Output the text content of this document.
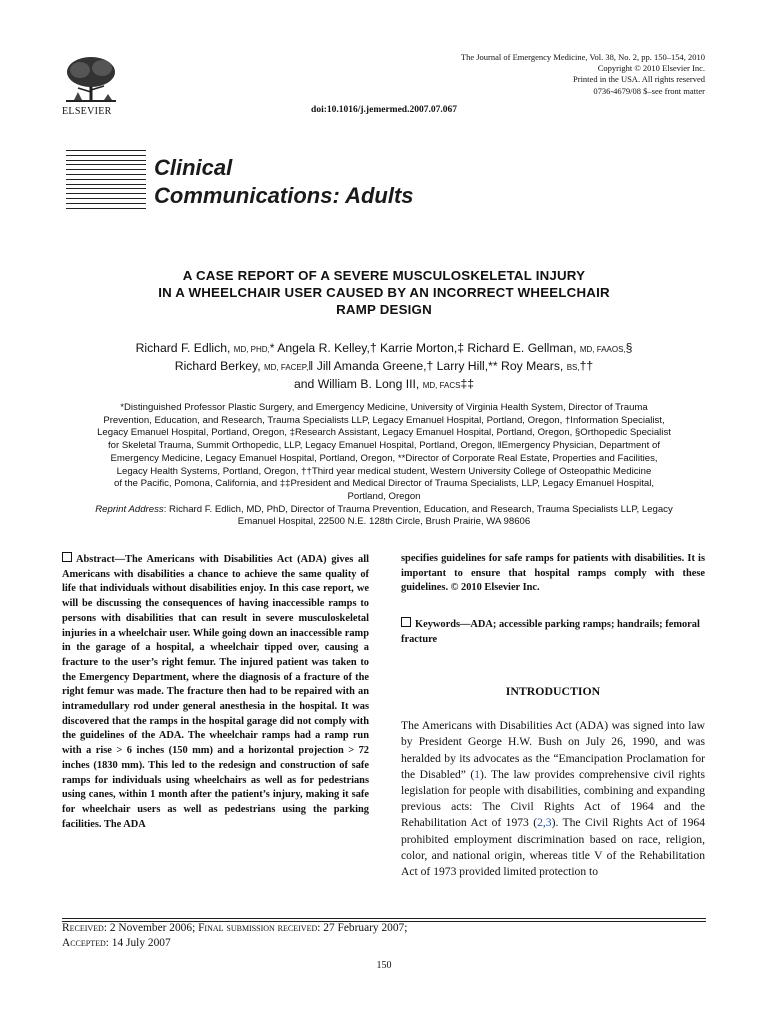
ELSEVIER
The Journal of Emergency Medicine, Vol. 38, No. 2, pp. 150–154, 2010
Copyright © 2010 Elsevier Inc.
Printed in the USA. All rights reserved
0736-4679/08 $–see front matter
doi:10.1016/j.jemermed.2007.07.067
Clinical
Communications: Adults
A CASE REPORT OF A SEVERE MUSCULOSKELETAL INJURY
IN A WHEELCHAIR USER CAUSED BY AN INCORRECT WHEELCHAIR
RAMP DESIGN
Richard F. Edlich, MD, PHD,* Angela R. Kelley,† Karrie Morton,‡ Richard E. Gellman, MD, FAAOS,§
Richard Berkey, MD, FACEP,‖ Jill Amanda Greene,† Larry Hill,** Roy Mears, BS,††
and William B. Long III, MD, FACS‡‡
*Distinguished Professor Plastic Surgery, and Emergency Medicine, University of Virginia Health System, Director of Trauma
Prevention, Education, and Research, Trauma Specialists LLP, Legacy Emanuel Hospital, Portland, Oregon, †Information Specialist,
Legacy Emanuel Hospital, Portland, Oregon, ‡Research Assistant, Legacy Emanuel Hospital, Portland, Oregon, §Orthopedic Specialist
for Skeletal Trauma, Summit Orthopedic, LLP, Legacy Emanuel Hospital, Portland, Oregon, ‖Emergency Physician, Department of
Emergency Medicine, Legacy Emanuel Hospital, Portland, Oregon, **Director of Corporate Real Estate, Properties and Facilities,
Legacy Health Systems, Portland, Oregon, ††Third year medical student, Western University College of Osteopathic Medicine
of the Pacific, Pomona, California, and ‡‡President and Medical Director of Trauma Specialists, LLP, Legacy Emanuel Hospital,
Portland, Oregon
Reprint Address: Richard F. Edlich, MD, PhD, Director of Trauma Prevention, Education, and Research, Trauma Specialists LLP, Legacy
Emanuel Hospital, 22500 N.E. 128th Circle, Brush Prairie, WA 98606
Abstract—The Americans with Disabilities Act (ADA) gives all Americans with disabilities a chance to achieve the same quality of life that individuals without disabilities enjoy. In this case report, we will be discussing the consequences of having inaccessible ramps to persons with disabilities that can result in severe musculoskeletal injuries in a wheelchair user. While going down an inaccessible ramp in the garage of a hospital, a wheelchair tipped over, causing a fracture to the user’s right femur. The injured patient was taken to the Emergency Department, where the diagnosis of a fracture of the right femur was made. The fracture then had to be repaired with an intramedullary rod under general anesthesia in the hospital. It was discovered that the ramps in the hospital garage did not comply with the guidelines of the ADA. The wheelchair ramps had a ramp run with a rise > 6 inches (150 mm) and a horizontal projection > 72 inches (1830 mm). This led to the redesign and construction of safe ramps for individuals using wheelchairs as well as for pedestrians using canes, within 1 month after the patient’s injury, making it safe for wheelchair users as well as pedestrians using the parking facilities. The ADA

specifies guidelines for safe ramps for patients with disabilities. It is important to ensure that hospital ramps comply with these guidelines. © 2010 Elsevier Inc.

Keywords—ADA; accessible parking ramps; handrails; femoral fracture

INTRODUCTION
The Americans with Disabilities Act (ADA) was signed into law by President George H.W. Bush on July 26, 1990, and was heralded by its advocates as the “Emancipation Proclamation for the Disabled” (1). The law provides comprehensive civil rights legislation for people with disabilities, combining and expanding previous acts: The Civil Rights Act of 1964 and the Rehabilitation Act of 1973 (2,3). The Civil Rights Act of 1964 prohibited employment discrimination based on race, religion, color, and national origin, whereas title V of the Rehabilitation Act of 1973 provided limited protection to
Received: 2 November 2006; Final submission received: 27 February 2007;
Accepted: 14 July 2007
150
